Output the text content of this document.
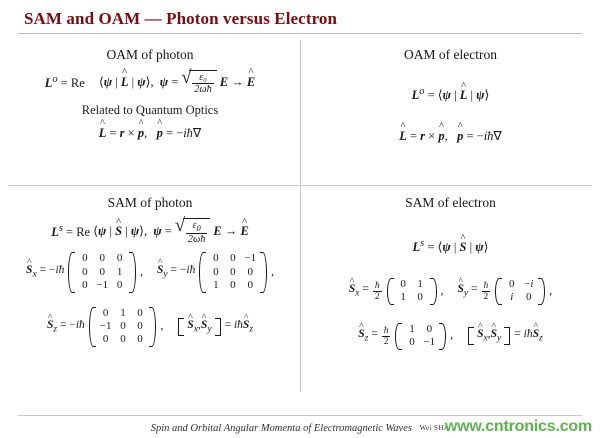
SAM and OAM — Photon versus Electron
OAM of photon
$L^o = Re$ ⟨ψ | L ^ | ψ⟩, ψ = √ $\frac{\text{ε₀}}{2\omega ħ}$ E → E ^
Related to Quantum Optics
L ^ = r × p ^,   p ^ = −iħ∇
OAM of electron
$L^o$ = ⟨ψ | L ^ | ψ⟩
L ^ = r × p ^,   p ^ = −iħ∇
SAM of photon
$L^s = Re$ ⟨ψ | S ^ | ψ⟩, ψ = √ $\frac{\varepsilon_0}{2\omega ħ}$ E → E ^
S $\^{}_x$ = −iħ
0	0	0
0	0	1
0	−1	0
, S $\^{}_y$ = −iħ
0	0	−1
0	0	0
1	0	0
,
S $\^{}_z$ = −iħ
0	1	0
−1	0	0
0	0	0
, S $\^{}_x,S$ $\^{}_y$ = iħS $\^{}_z$
SAM of electron
$L^s$ = ⟨ψ | S ^ | ψ⟩
S $\^{}_x = \frac{ħ}{2} 0$	1
1	0
, S $\^{}_y = \frac{ħ}{2} 0$	−i
i	0
,
S $\^{}_z = \frac{ħ}{2} 1$	0
0	−1
, S $\^{}_x,S$ $\^{}_y$ = iħS $\^{}_z$
Spin and Orbital Angular Momenta of Electromagnetic Waves Wei SHA
www.cntronics.com
